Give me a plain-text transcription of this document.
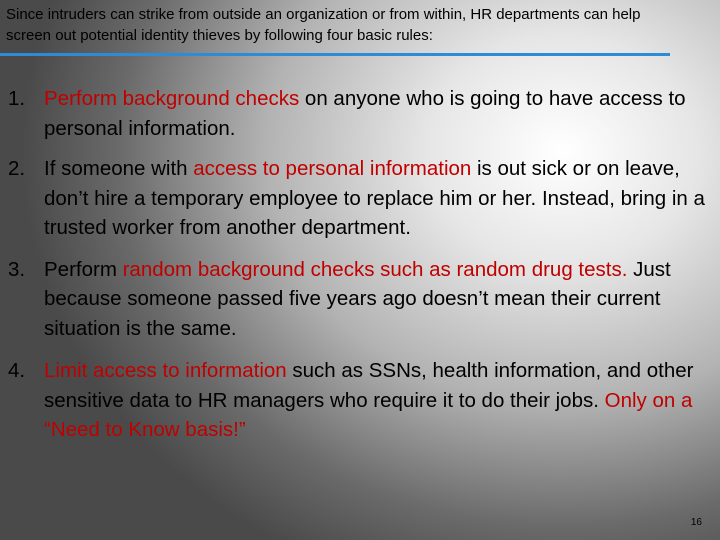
Since intruders can strike from outside an organization or from within, HR departments can help screen out potential identity thieves by following four basic rules:
1. Perform background checks on anyone who is going to have access to personal information.
2. If someone with access to personal information is out sick or on leave, don’t hire a temporary employee to replace him or her. Instead, bring in a trusted worker from another department.
3. Perform random background checks such as random drug tests. Just because someone passed five years ago doesn’t mean their current situation is the same.
4. Limit access to information such as SSNs, health information, and other sensitive data to HR managers who require it to do their jobs. Only on a “Need to Know basis!”
16
